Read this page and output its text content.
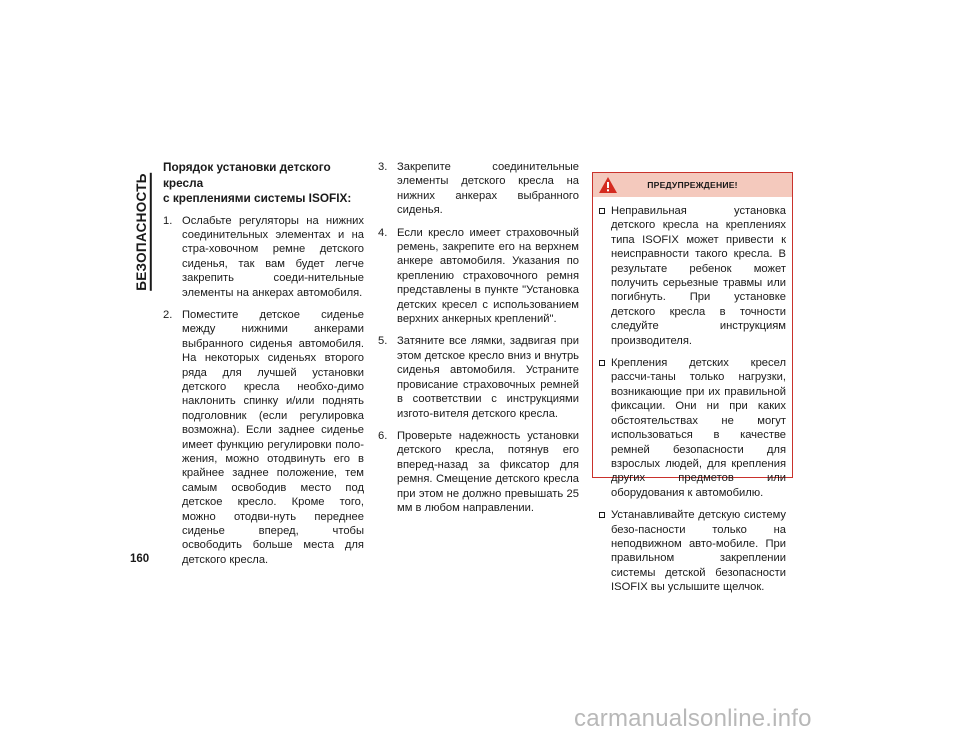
БЕЗОПАСНОСТЬ
Порядок установки детского кресла
с креплениями системы ISOFIX:
1. Ослабьте регуляторы на нижних соединительных элементах и на стра-ховочном ремне детского сиденья, так вам будет легче закрепить соеди-нительные элементы на анкерах автомобиля.
2. Поместите детское сиденье между нижними анкерами выбранного сиденья автомобиля. На некоторых сиденьях второго ряда для лучшей установки детского кресла необхо-димо наклонить спинку и/или поднять подголовник (если регулировка возможна). Если заднее сиденье имеет функцию регулировки поло-жения, можно отодвинуть его в крайнее заднее положение, тем самым освободив место под детское кресло. Кроме того, можно отодви-нуть переднее сиденье вперед, чтобы освободить больше места для детского кресла.
3. Закрепите соединительные элементы детского кресла на нижних анкерах выбранного сиденья.
4. Если кресло имеет страховочный ремень, закрепите его на верхнем анкере автомобиля. Указания по креплению страховочного ремня представлены в пункте "Установка детских кресел с использованием верхних анкерных креплений".
5. Затяните все лямки, задвигая при этом детское кресло вниз и внутрь сиденья автомобиля. Устраните провисание страховочных ремней в соответствии с инструкциями изгото-вителя детского кресла.
6. Проверьте надежность установки детского кресла, потянув его вперед-назад за фиксатор для ремня. Смещение детского кресла при этом не должно превышать 25 мм в любом направлении.
ПРЕДУПРЕЖДЕНИЕ!
Неправильная установка детского кресла на креплениях типа ISOFIX может привести к неисправности такого кресла. В результате ребенок может получить серьезные травмы или погибнуть. При установке детского кресла в точности следуйте инструкциям производителя.
Крепления детских кресел рассчи-таны только нагрузки, возникающие при их правильной фиксации. Они ни при каких обстоятельствах не могут использоваться в качестве ремней безопасности для взрослых людей, для крепления других предметов или оборудования к автомобилю.
Устанавливайте детскую систему безо-пасности только на неподвижном авто-мобиле. При правильном закреплении системы детской безопасности ISOFIX вы услышите щелчок.
160
carmanualsonline.info
